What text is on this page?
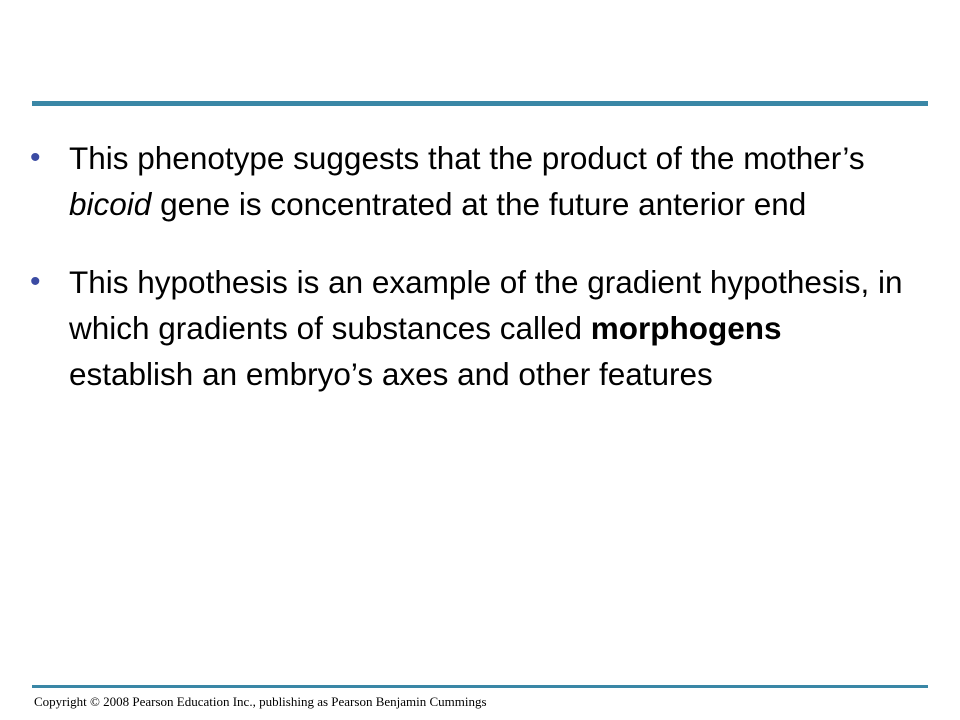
• This phenotype suggests that the product of the mother’s bicoid gene is concentrated at the future anterior end
• This hypothesis is an example of the gradient hypothesis, in which gradients of substances called morphogens establish an embryo’s axes and other features
Copyright © 2008 Pearson Education Inc., publishing as Pearson Benjamin Cummings
